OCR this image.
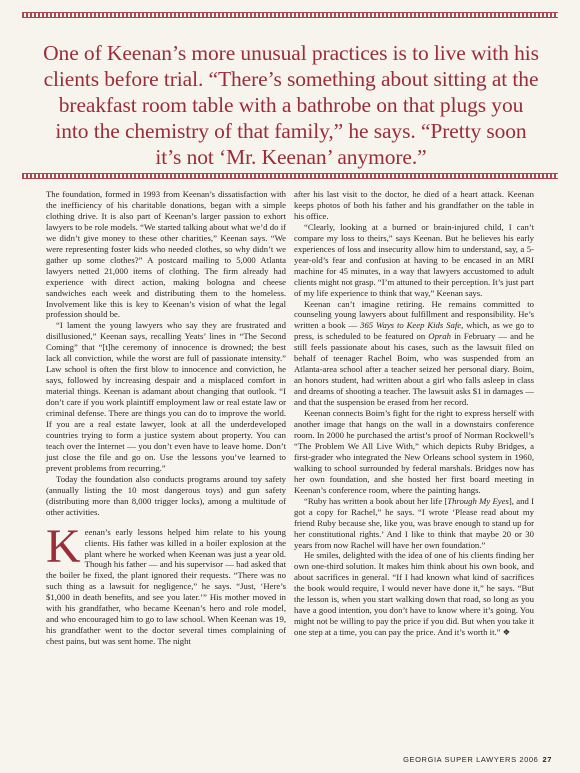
One of Keenan’s more unusual practices is to live with his clients before trial. “There’s something about sitting at the breakfast room table with a bathrobe on that plugs you into the chemistry of that family,” he says. “Pretty soon it’s not ‘Mr. Keenan’ anymore.”

The foundation, formed in 1993 from Keenan’s dissatisfaction with the inefficiency of his charitable donations, began with a simple clothing drive. It is also part of Keenan’s larger passion to exhort lawyers to be role models. “We started talking about what we’d do if we didn’t give money to these other charities,” Keenan says. “We were representing foster kids who needed clothes, so why didn’t we gather up some clothes?” A postcard mailing to 5,000 Atlanta lawyers netted 21,000 items of clothing. The firm already had experience with direct action, making bologna and cheese sandwiches each week and distributing them to the homeless. Involvement like this is key to Keenan’s vision of what the legal profession should be.

“I lament the young lawyers who say they are frustrated and disillusioned,” Keenan says, recalling Yeats’ lines in “The Second Coming” that “[t]he ceremony of innocence is drowned; the best lack all conviction, while the worst are full of passionate intensity.” Law school is often the first blow to innocence and conviction, he says, followed by increasing despair and a misplaced comfort in material things. Keenan is adamant about changing that outlook. “I don’t care if you work plaintiff employment law or real estate law or criminal defense. There are things you can do to improve the world. If you are a real estate lawyer, look at all the underdeveloped countries trying to form a justice system about property. You can teach over the Internet — you don’t even have to leave home. Don’t just close the file and go on. Use the lessons you’ve learned to prevent problems from recurring.”

Today the foundation also conducts programs around toy safety (annually listing the 10 most dangerous toys) and gun safety (distributing more than 8,000 trigger locks), among a multitude of other activities.

Keenan’s early lessons helped him relate to his young clients. His father was killed in a boiler explosion at the plant where he worked when Keenan was just a year old. Though his father — and his supervisor — had asked that the boiler be fixed, the plant ignored their requests. “There was no such thing as a lawsuit for negligence,” he says. “Just, ‘Here’s $1,000 in death benefits, and see you later.’” His mother moved in with his grandfather, who became Keenan’s hero and role model, and who encouraged him to go to law school. When Keenan was 19, his grandfather went to the doctor several times complaining of chest pains, but was sent home. The night

after his last visit to the doctor, he died of a heart attack. Keenan keeps photos of both his father and his grandfather on the table in his office.

“Clearly, looking at a burned or brain-injured child, I can’t compare my loss to theirs,” says Keenan. But he believes his early experiences of loss and insecurity allow him to understand, say, a 5-year-old’s fear and confusion at having to be encased in an MRI machine for 45 minutes, in a way that lawyers accustomed to adult clients might not grasp. “I’m attuned to their perception. It’s just part of my life experience to think that way,” Keenan says.

Keenan can’t imagine retiring. He remains committed to counseling young lawyers about fulfillment and responsibility. He’s written a book — 365 Ways to Keep Kids Safe, which, as we go to press, is scheduled to be featured on Oprah in February — and he still feels passionate about his cases, such as the lawsuit filed on behalf of teenager Rachel Boim, who was suspended from an Atlanta-area school after a teacher seized her personal diary. Boim, an honors student, had written about a girl who falls asleep in class and dreams of shooting a teacher. The lawsuit asks $1 in damages — and that the suspension be erased from her record.

Keenan connects Boim’s fight for the right to express herself with another image that hangs on the wall in a downstairs conference room. In 2000 he purchased the artist’s proof of Norman Rockwell’s “The Problem We All Live With,” which depicts Ruby Bridges, a first-grader who integrated the New Orleans school system in 1960, walking to school surrounded by federal marshals. Bridges now has her own foundation, and she hosted her first board meeting in Keenan’s conference room, where the painting hangs.

“Ruby has written a book about her life [Through My Eyes], and I got a copy for Rachel,” he says. “I wrote ‘Please read about my friend Ruby because she, like you, was brave enough to stand up for her constitutional rights.’ And I like to think that maybe 20 or 30 years from now Rachel will have her own foundation.”

He smiles, delighted with the idea of one of his clients finding her own one-third solution. It makes him think about his own book, and about sacrifices in general. “If I had known what kind of sacrifices the book would require, I would never have done it,” he says. “But the lesson is, when you start walking down that road, so long as you have a good intention, you don’t have to know where it’s going. You might not be willing to pay the price if you did. But when you take it one step at a time, you can pay the price. And it’s worth it.” ❖

GEORGIA SUPER LAWYERS 2006 27
